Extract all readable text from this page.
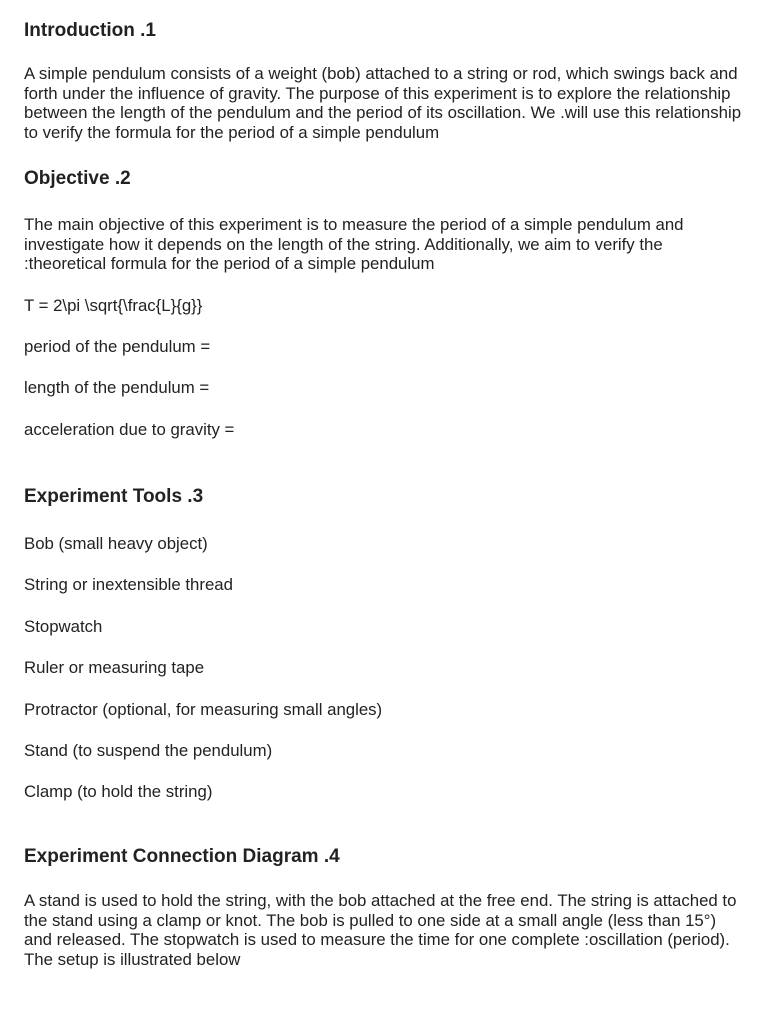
Introduction .1

A simple pendulum consists of a weight (bob) attached to a string or rod, which swings back and forth under the influence of gravity. The purpose of this experiment is to explore the relationship between the length of the pendulum and the period of its oscillation. We .will use this relationship to verify the formula for the period of a simple pendulum

Objective .2

The main objective of this experiment is to measure the period of a simple pendulum and investigate how it depends on the length of the string. Additionally, we aim to verify the :theoretical formula for the period of a simple pendulum

T = 2\pi \sqrt{\frac{L}{g}}

period of the pendulum =

length of the pendulum =

acceleration due to gravity =

Experiment Tools .3

Bob (small heavy object)

String or inextensible thread

Stopwatch

Ruler or measuring tape

Protractor (optional, for measuring small angles)

Stand (to suspend the pendulum)

Clamp (to hold the string)

Experiment Connection Diagram .4

A stand is used to hold the string, with the bob attached at the free end. The string is attached to the stand using a clamp or knot. The bob is pulled to one side at a small angle (less than 15°) and released. The stopwatch is used to measure the time for one complete :oscillation (period). The setup is illustrated below
